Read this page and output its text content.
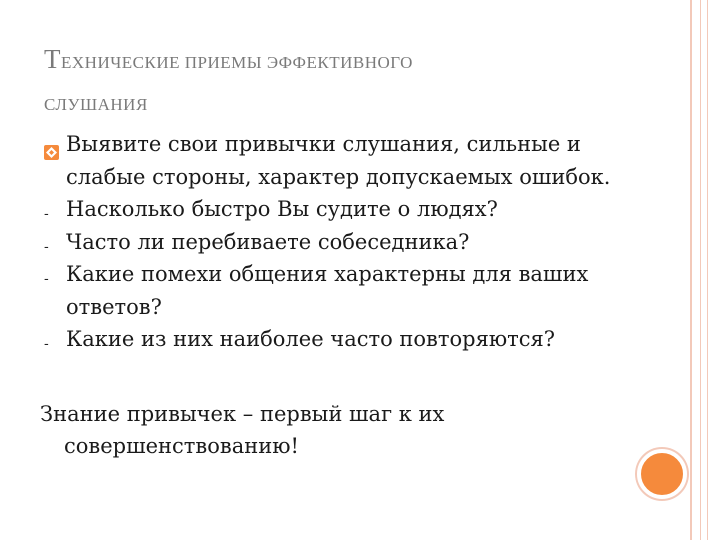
ТЕХНИЧЕСКИЕ ПРИЕМЫ ЭФФЕКТИВНОГО
СЛУШАНИЯ
Выявите свои привычки слушания, сильные и
слабые стороны, характер допускаемых ошибок.
- Насколько быстро Вы судите о людях?
- Часто ли перебиваете собеседника?
- Какие помехи общения характерны для ваших
ответов?
- Какие из них наиболее часто повторяются?
Знание привычек – первый шаг к их
совершенствованию!
